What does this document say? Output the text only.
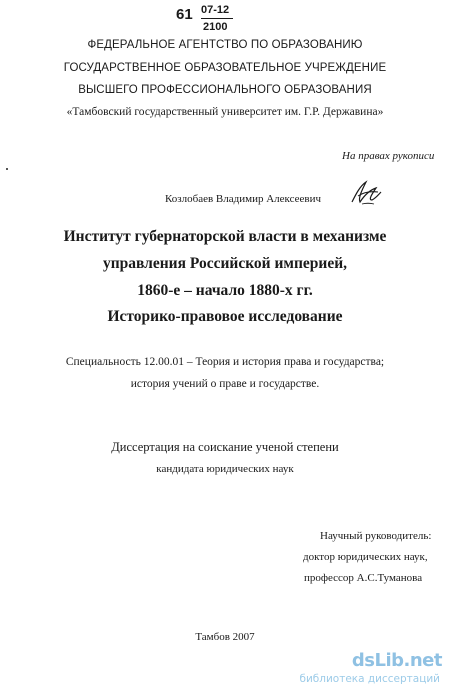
61 07-12
2100
ФЕДЕРАЛЬНОЕ АГЕНТСТВО ПО ОБРАЗОВАНИЮ
ГОСУДАРСТВЕННОЕ ОБРАЗОВАТЕЛЬНОЕ УЧРЕЖДЕНИЕ
ВЫСШЕГО ПРОФЕССИОНАЛЬНОГО ОБРАЗОВАНИЯ
«Тамбовский государственный университет им. Г.Р. Державина»
На правах рукописи
Козлобаев Владимир Алексеевич
Институт губернаторской власти в механизме
управления Российской империей,
1860-е – начало 1880-х гг.
Историко-правовое исследование
Специальность 12.00.01 – Теория и история права и государства;
история учений о праве и государстве.
Диссертация на соискание ученой степени
кандидата юридических наук
Научный руководитель:
доктор юридических наук,
профессор А.С.Туманова
Тамбов 2007
dsLib.net
библиотека диссертаций
